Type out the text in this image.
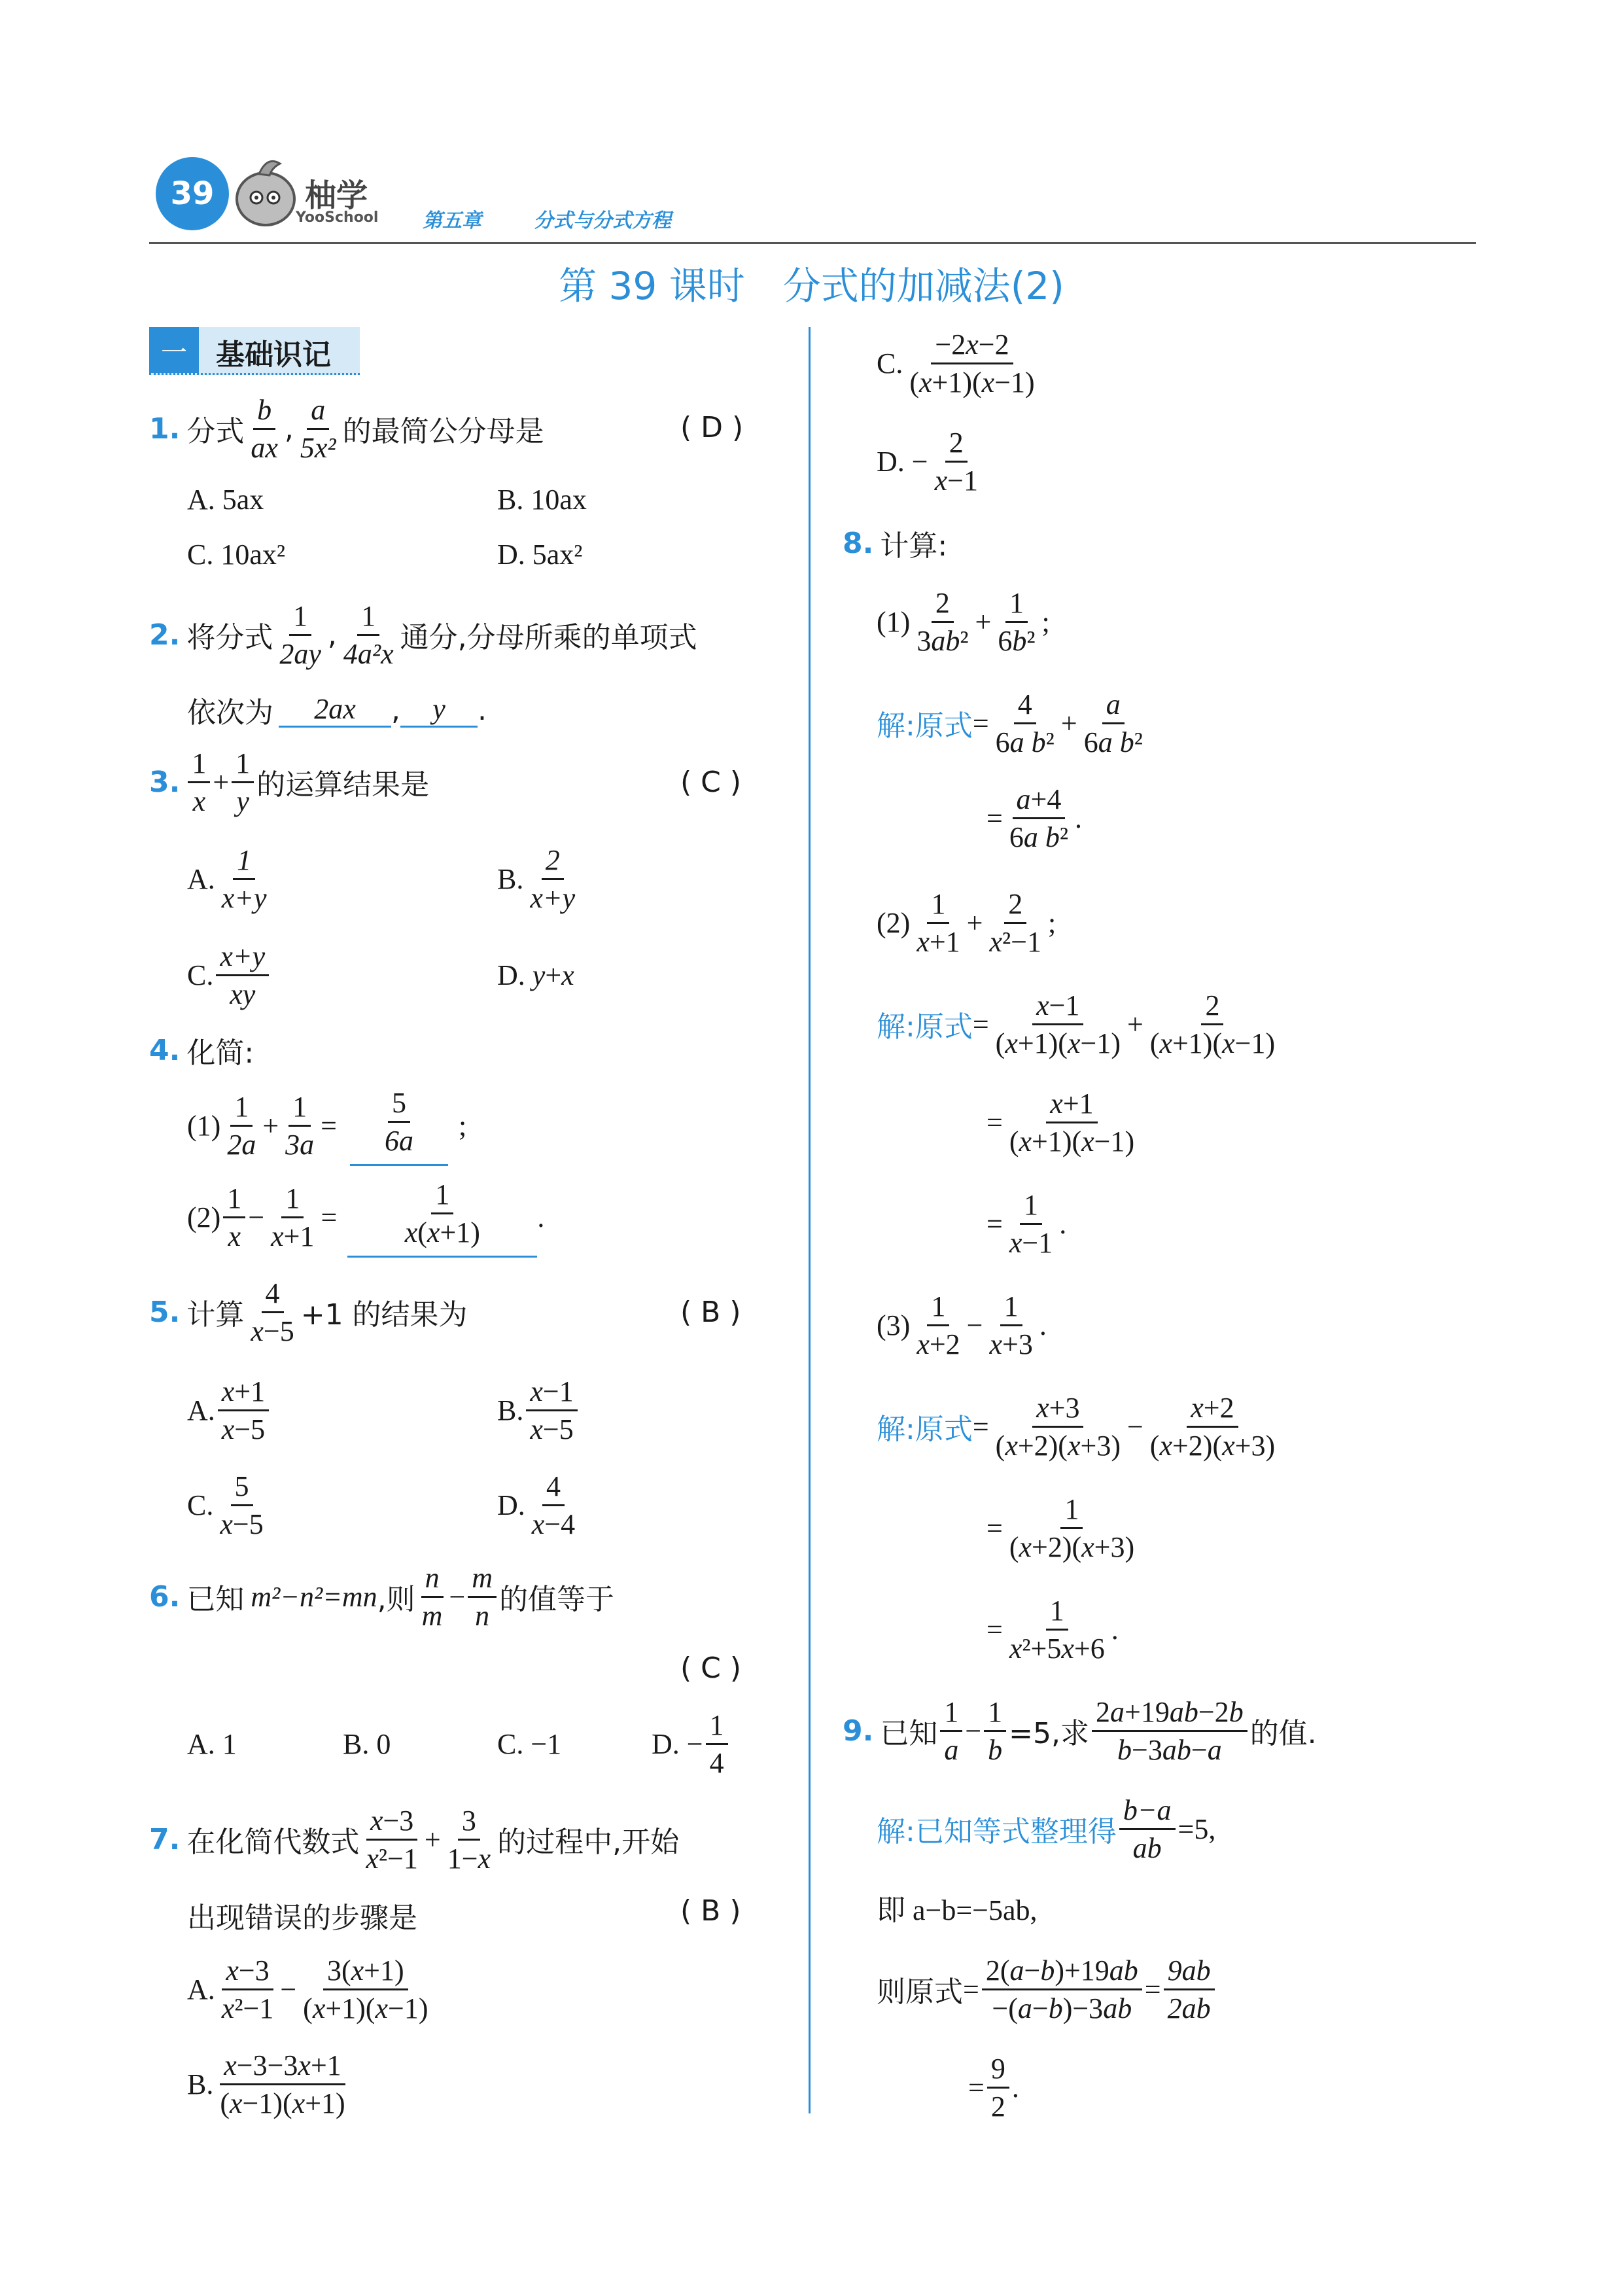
39	柚学
YooSchool 第五章	分式与分式方程
第 39 课时　分式的加减法(2)
一	基础识记
1. 分式 $\frac{b}{ax}$ , $\frac{a}{\text{5x²}}$ 的最简公分母是	( D )
A. 5ax	B. 10ax
C. 10ax²	D. 5ax²
2. 将分式 $\frac{1}{2ay}$ , $\frac{1}{\text{4a²x}}$ 通分,分母所乘的单项式
依次为	2ax	,	y	.
3. $\frac{1}{x} + \frac{1}{y}$ 的运算结果是	( C )
A. $\frac{1}{x+y}$	B. $\frac{2}{x+y}$
C. $\frac{x+y}{xy}$	D. y+x
4. 化简:
$(1) \frac{1}{2a} + \frac{1}{3a} = \frac{5}{6a}$ ;
$(2) \frac{1}{x} - \frac{1}{x+1} = \frac{1}{x(x+1)}$ .
5. 计算 $\frac{4}{x-5} +1$ 的结果为	( B )
A. $\frac{x+1}{x-5}$	B. $\frac{x-1}{x-5}$
C. $\frac{5}{x-5}$	D. $\frac{4}{x-4}$
6. 已知 m²−n²=mn ,则 $\frac{n}{m} - \frac{m}{n}$ 的值等于
( C )
A. 1	B. 0	C. −1	D. − $\frac{1}{4}$
7. 在化简代数式 $\frac{x-3}{\text{x²−1}} + \frac{3}{1-x}$ 的过程中,开始
出现错误的步骤是	( B )
A. $\frac{x-3}{\text{x²−1}} - \frac{3(x+1)}{(x+1)(x-1)}$
B. $\frac{x-3-3x+1}{(x-1)(x+1)}$
C. $\frac{-2x-2}{(x+1)(x-1)}$
D. − $\frac{2}{x-1}$
8. 计算:
$(1) \frac{2}{\text{3ab²}} + \frac{1}{\text{6b²}}$ ;
解:原式 = $\frac{4}{\text{6a b²}} + \frac{a}{\text{6a b²}}$
= $\frac{a+4}{\text{6a b²}}$ .
$(2) \frac{1}{x+1} + \frac{2}{\text{x²−1}}$ ;
解:原式 = $\frac{x-1}{(x+1)(x-1)} + \frac{2}{(x+1)(x-1)}$
= $\frac{x+1}{(x+1)(x-1)}$
= $\frac{1}{x-1}$ .
$(3) \frac{1}{x+2} - \frac{1}{x+3}$ .
解:原式 = $\frac{x+3}{(x+2)(x+3)} - \frac{x+2}{(x+2)(x+3)}$
= $\frac{1}{(x+2)(x+3)}$
= $\frac{1}{\text{x²+5x+6}}$ .
9. 已知 $\frac{1}{a} - \frac{1}{b} =5$,求 $\frac{2a+19ab-2b}{b-3ab-a}$ 的值.
解:已知等式整理得 $\frac{b-a}{ab} =5$,
即 a−b=−5ab,
则原式 = $\frac{2(a-b)+19ab}{-(a-b)-3ab} = \frac{9ab}{2ab}$
= $\frac{9}{2}$ .
